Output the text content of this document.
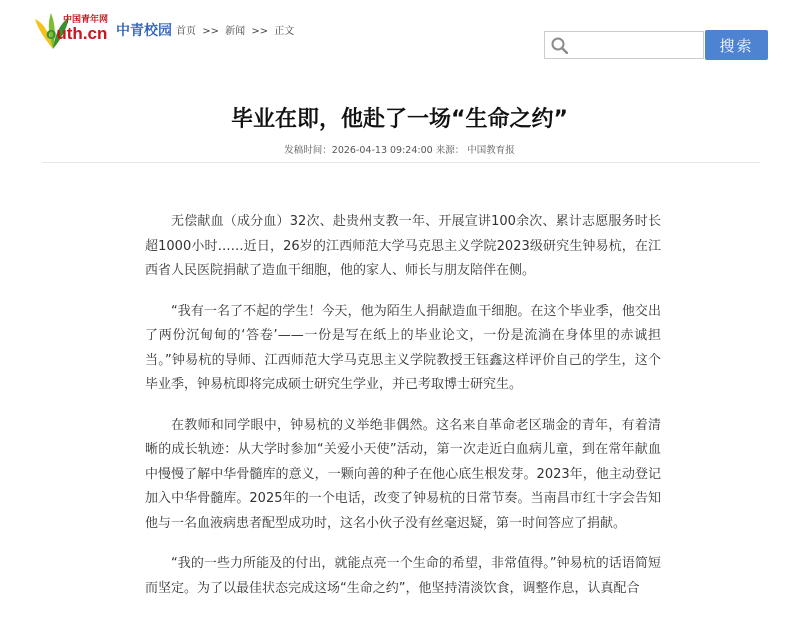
中国青年网
outh.cn 中青校园 首页 >> 新闻 >> 正文
搜索
毕业在即，他赴了一场“生命之约”
发稿时间：2026-04-13 09:24:00 来源： 中国教育报

无偿献血（成分血）32次、赴贵州支教一年、开展宣讲100余次、累计志愿服务时长超1000小时……近日，26岁的江西师范大学马克思主义学院2023级研究生钟易杭，在江西省人民医院捐献了造血干细胞，他的家人、师长与朋友陪伴在侧。

“我有一名了不起的学生！今天，他为陌生人捐献造血干细胞。在这个毕业季，他交出了两份沉甸甸的‘答卷’——一份是写在纸上的毕业论文，一份是流淌在身体里的赤诚担当。”钟易杭的导师、江西师范大学马克思主义学院教授王钰鑫这样评价自己的学生，这个毕业季，钟易杭即将完成硕士研究生学业，并已考取博士研究生。

在教师和同学眼中，钟易杭的义举绝非偶然。这名来自革命老区瑞金的青年，有着清晰的成长轨迹：从大学时参加“关爱小天使”活动，第一次走近白血病儿童，到在常年献血中慢慢了解中华骨髓库的意义，一颗向善的种子在他心底生根发芽。2023年，他主动登记加入中华骨髓库。2025年的一个电话，改变了钟易杭的日常节奏。当南昌市红十字会告知他与一名血液病患者配型成功时，这名小伙子没有丝毫迟疑，第一时间答应了捐献。

“我的一些力所能及的付出，就能点亮一个生命的希望，非常值得。”钟易杭的话语简短而坚定。为了以最佳状态完成这场“生命之约”，他坚持清淡饮食，调整作息，认真配合
